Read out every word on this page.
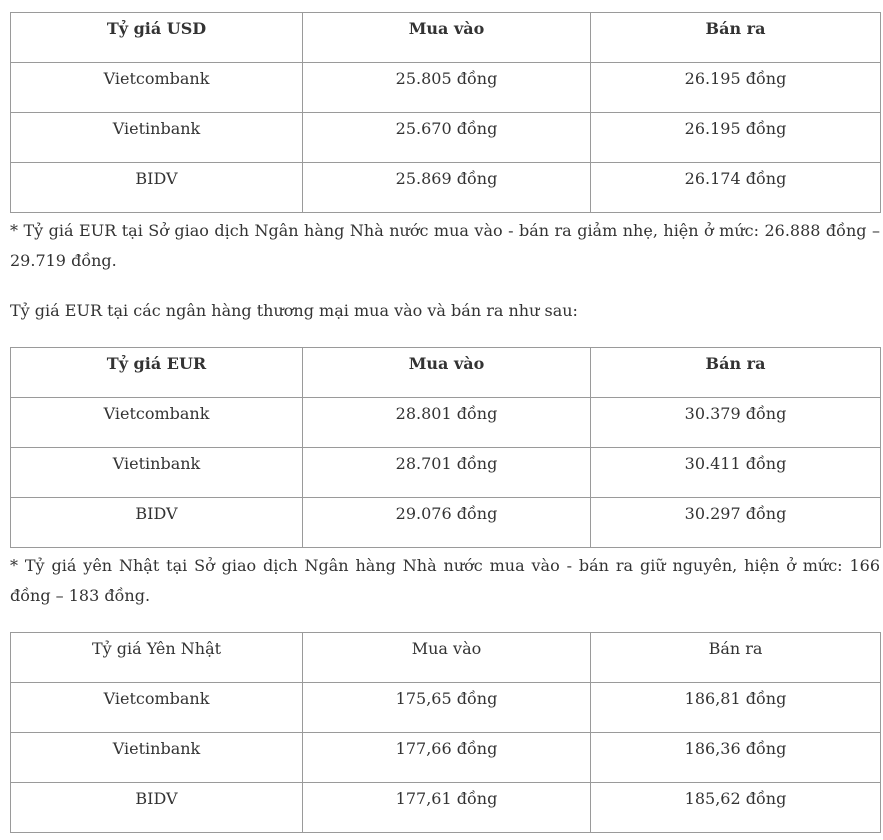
Tỷ giá USD	Mua vào	Bán ra
Vietcombank	25.805 đồng	26.195 đồng
Vietinbank	25.670 đồng	26.195 đồng
BIDV	25.869 đồng	26.174 đồng

* Tỷ giá EUR tại Sở giao dịch Ngân hàng Nhà nước mua vào - bán ra giảm nhẹ, hiện ở mức: 26.888 đồng – 29.719 đồng.

Tỷ giá EUR tại các ngân hàng thương mại mua vào và bán ra như sau:

Tỷ giá EUR	Mua vào	Bán ra
Vietcombank	28.801 đồng	30.379 đồng
Vietinbank	28.701 đồng	30.411 đồng
BIDV	29.076 đồng	30.297 đồng

* Tỷ giá yên Nhật tại Sở giao dịch Ngân hàng Nhà nước mua vào - bán ra giữ nguyên, hiện ở mức: 166 đồng – 183 đồng.

Tỷ giá Yên Nhật	Mua vào	Bán ra
Vietcombank	175,65 đồng	186,81 đồng
Vietinbank	177,66 đồng	186,36 đồng
BIDV	177,61 đồng	185,62 đồng
